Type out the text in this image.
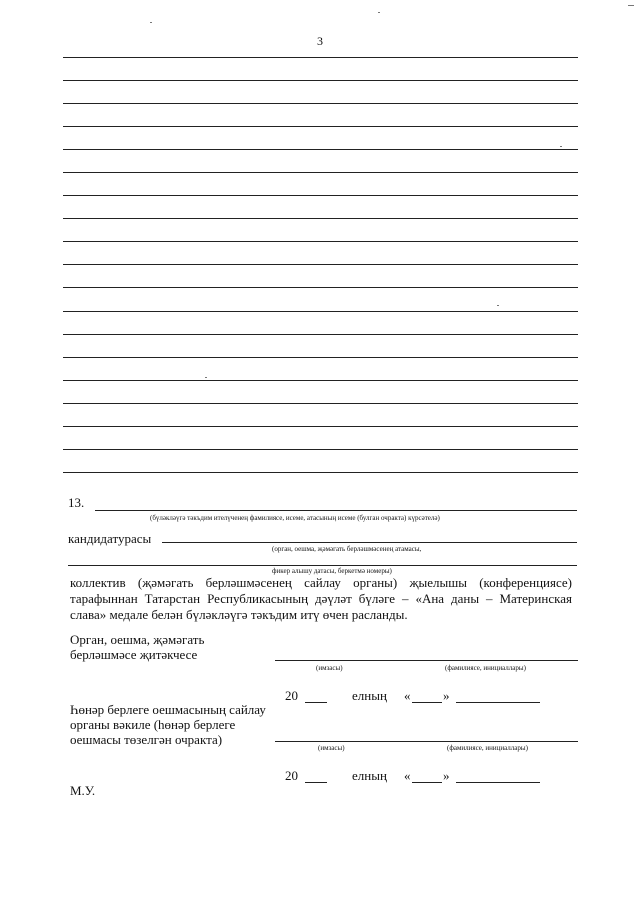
3
13.
(бүләкләүгә тәкъдим ителүченең фамилиясе, исеме, атасының исеме (булган очракта) күрсәтелә)
кандидатурасы
(орган, оешма, җәмәгать берләшмәсенең атамасы,
фикер алышу датасы, беркетмә номеры)
коллектив (җәмәгать берләшмәсенең сайлау органы) җыелышы (конференциясе)
тарафыннан Татарстан Республикасының дәүләт бүләге – «Ана даны – Материнская
слава» медале белән бүләкләүгә тәкъдим итү өчен расланды.
Орган, оешма, җәмәгать
берләшмәсе җитәкчесе
(имзасы)	(фамилиясе, инициаллары)
20	елның «	»
Һөнәр берлеге оешмасының сайлау
органы вәкиле (һөнәр берлеге
оешмасы төзелгән очракта)
(имзасы)	(фамилиясе, инициаллары)
20	елның «	»
М.У.
